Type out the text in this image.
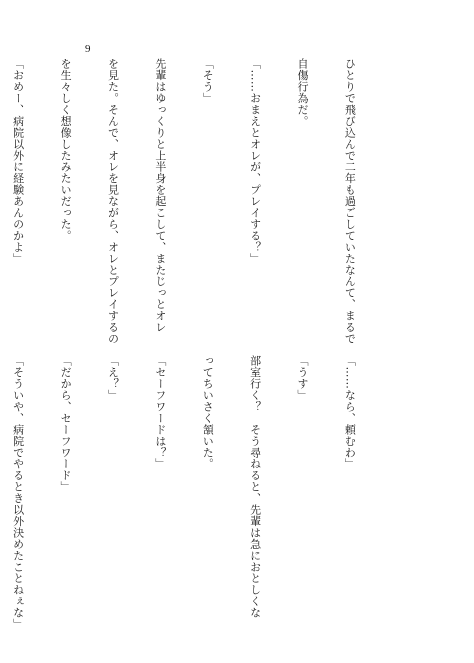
9

ひとりで飛び込んで二年も過ごしていたなんて、まるで

自傷行為だ。

「……おまえとオレが、プレイする？」

「そう」

先輩はゆっくりと上半身を起こして、またじっとオレ

を見た。そんで、オレを見ながら、オレとプレイするの

を生々しく想像したみたいだった。

「おめー、病院以外に経験あんのかよ」

「……なら、頼むわ」

「うす」

部室行く？　そう尋ねると、先輩は急におとしくな

ってちいさく頷いた。

「セーフワードは？」

「え？」

「だから、セーフワード」

「そういや、病院でやるとき以外決めたことねぇな」
